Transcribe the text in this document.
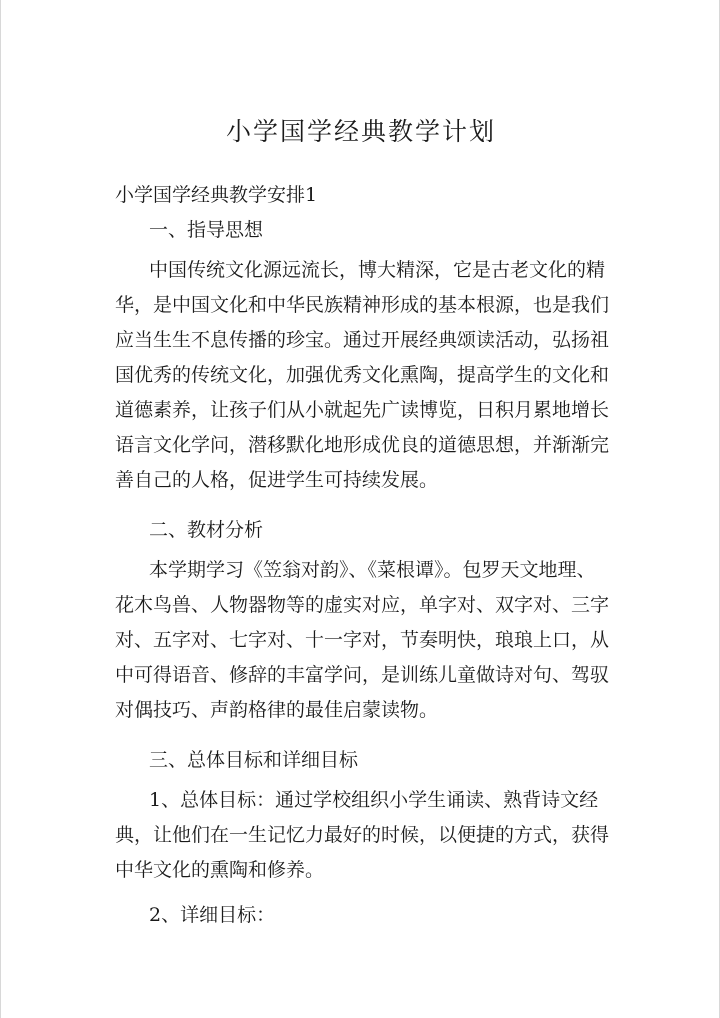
小学国学经典教学计划
小学国学经典教学安排1
一、指导思想
中国传统文化源远流长，博大精深，它是古老文化的精
华，是中国文化和中华民族精神形成的基本根源，也是我们
应当生生不息传播的珍宝。通过开展经典颂读活动，弘扬祖
国优秀的传统文化，加强优秀文化熏陶，提高学生的文化和
道德素养，让孩子们从小就起先广读博览，日积月累地增长
语言文化学问，潜移默化地形成优良的道德思想，并渐渐完
善自己的人格，促进学生可持续发展。
二、教材分析
本学期学习《笠翁对韵》、《菜根谭》。包罗天文地理、
花木鸟兽、人物器物等的虚实对应，单字对、双字对、三字
对、五字对、七字对、十一字对，节奏明快，琅琅上口，从
中可得语音、修辞的丰富学问，是训练儿童做诗对句、驾驭
对偶技巧、声韵格律的最佳启蒙读物。
三、总体目标和详细目标
1、总体目标：通过学校组织小学生诵读、熟背诗文经
典，让他们在一生记忆力最好的时候，以便捷的方式，获得
中华文化的熏陶和修养。
2、详细目标：
